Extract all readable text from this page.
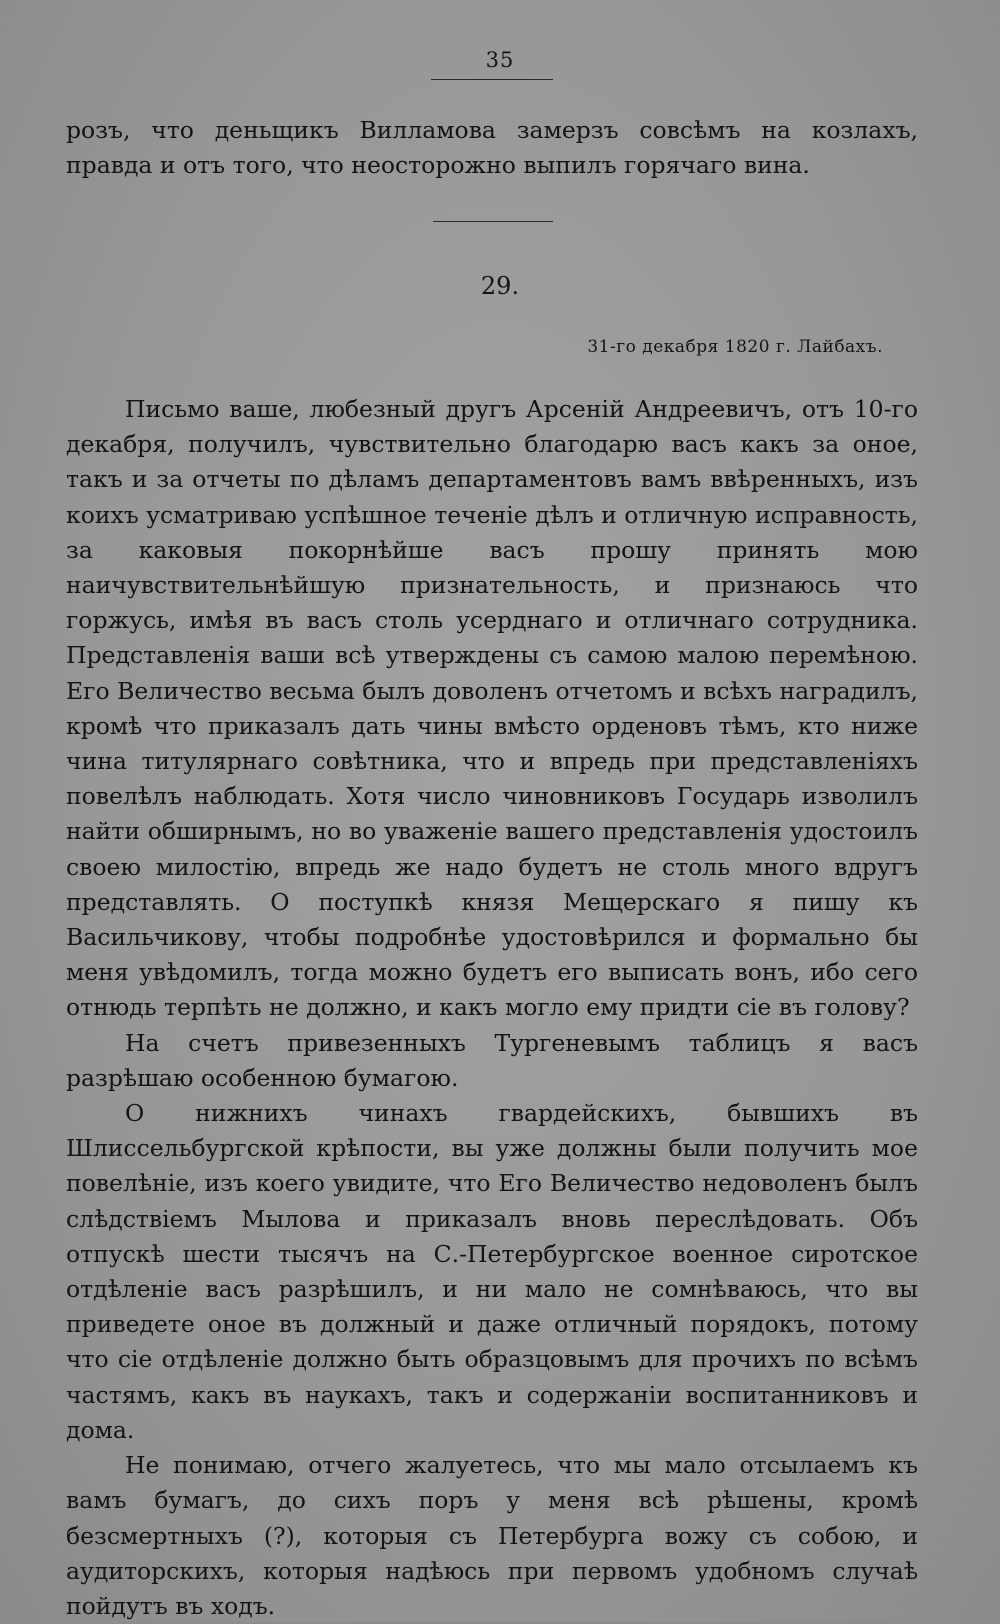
35

розъ, что деньщикъ Вилламова замерзъ совсѣмъ на козлахъ, правда и отъ того, что неосторожно выпилъ горячаго вина.

29.
31-го декабря 1820 г. Лайбахъ.

Письмо ваше, любезный другъ Арсеній Андреевичъ, отъ 10-го декабря, получилъ, чувствительно благодарю васъ какъ за оное, такъ и за отчеты по дѣламъ департаментовъ вамъ ввѣренныхъ, изъ коихъ усматриваю успѣшное теченіе дѣлъ и отличную исправность, за каковыя покорнѣйше васъ прошу принять мою наичувствительнѣйшую признательность, и признаюсь что горжусь, имѣя въ васъ столь усерднаго и отличнаго сотрудника. Представленія ваши всѣ утверждены съ самою малою перемѣною. Его Величество весьма былъ доволенъ отчетомъ и всѣхъ наградилъ, кромѣ что приказалъ дать чины вмѣсто орденовъ тѣмъ, кто ниже чина титулярнаго совѣтника, что и впредь при представленіяхъ повелѣлъ наблюдать. Хотя число чиновниковъ Государь изволилъ найти обширнымъ, но во уваженіе вашего представленія удостоилъ своею милостію, впредь же надо будетъ не столь много вдругъ представлять. О поступкѣ князя Мещерскаго я пишу къ Васильчикову, чтобы подробнѣе удостовѣрился и формально бы меня увѣдомилъ, тогда можно будетъ его выписать вонъ, ибо сего отнюдь терпѣть не должно, и какъ могло ему придти сіе въ голову?

На счетъ привезенныхъ Тургеневымъ таблицъ я васъ разрѣшаю особенною бумагою.

О нижнихъ чинахъ гвардейскихъ, бывшихъ въ Шлиссельбургской крѣпости, вы уже должны были получить мое повелѣніе, изъ коего увидите, что Его Величество недоволенъ былъ слѣдствіемъ Мылова и приказалъ вновь переслѣдовать. Объ отпускѣ шести тысячъ на С.-Петербургское военное сиротское отдѣленіе васъ разрѣшилъ, и ни мало не сомнѣваюсь, что вы приведете оное въ должный и даже отличный порядокъ, потому что сіе отдѣленіе должно быть образцовымъ для прочихъ по всѣмъ частямъ, какъ въ наукахъ, такъ и содержаніи воспитанниковъ и дома.

Не понимаю, отчего жалуетесь, что мы мало отсылаемъ къ вамъ бумагъ, до сихъ поръ у меня всѣ рѣшены, кромѣ безсмертныхъ (?), которыя съ Петербурга вожу съ собою, и аудиторскихъ, которыя надѣюсь при первомъ удобномъ случаѣ пойдутъ въ ходъ.
